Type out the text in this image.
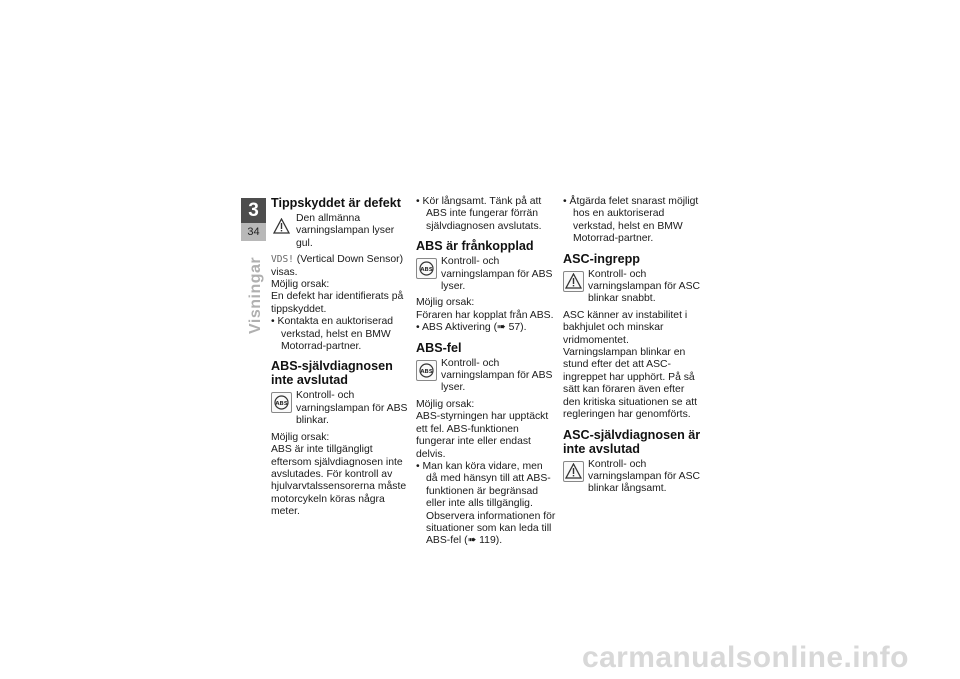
3
34
Visningar
Tippskyddet är defekt

Den allmänna varningslampan lyser gul.

VDS! (Vertical Down Sensor) visas.

Möjlig orsak:

En defekt har identifierats på tippskyddet.

• Kontakta en auktoriserad verkstad, helst en BMW Motorrad-partner.

ABS-självdiagnosen inte avslutad
ABS

Kontroll- och varningslampan för ABS blinkar.

Möjlig orsak:

ABS är inte tillgängligt eftersom självdiagnosen inte avslutades. För kontroll av hjulvarvtalssensorerna måste motorcykeln köras några meter.

• Kör långsamt. Tänk på att ABS inte fungerar förrän självdiagnosen avslutats.

ABS är frånkopplad
ABS

Kontroll- och varningslampan för ABS lyser.

Möjlig orsak:

Föraren har kopplat från ABS.

• ABS Aktivering (➠ 57).

ABS-fel
ABS

Kontroll- och varningslampan för ABS lyser.

Möjlig orsak:

ABS-styrningen har upptäckt ett fel. ABS-funktionen fungerar inte eller endast delvis.

• Man kan köra vidare, men då med hänsyn till att ABS-funktionen är begränsad eller inte alls tillgänglig. Observera informationen för situationer som kan leda till ABS-fel (➠ 119).

• Åtgärda felet snarast möjligt hos en auktoriserad verkstad, helst en BMW Motorrad-partner.

ASC-ingrepp

Kontroll- och varningslampan för ASC blinkar snabbt.

ASC känner av instabilitet i bakhjulet och minskar vridmomentet. Varningslampan blinkar en stund efter det att ASC-ingreppet har upphört. På så sätt kan föraren även efter den kritiska situationen se att regleringen har genomförts.

ASC-självdiagnosen är inte avslutad

Kontroll- och varningslampan för ASC blinkar långsamt.

carmanualsonline.info
